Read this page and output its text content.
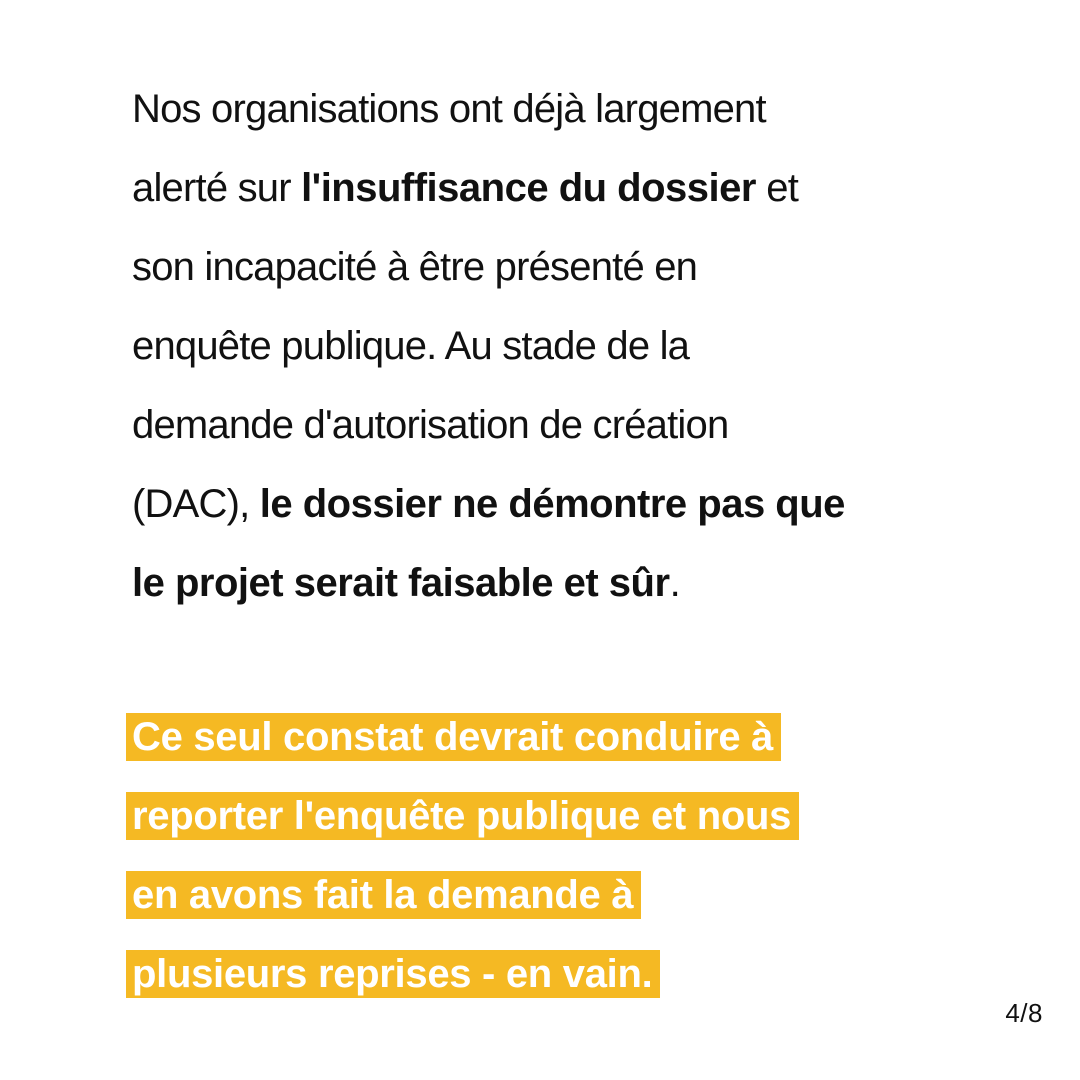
Nos organisations ont déjà largement
alerté sur l'insuffisance du dossier et
son incapacité à être présenté en
enquête publique. Au stade de la
demande d'autorisation de création
(DAC), le dossier ne démontre pas que
le projet serait faisable et sûr.
Ce seul constat devrait conduire à
reporter l'enquête publique et nous
en avons fait la demande à
plusieurs reprises - en vain.
4/8
